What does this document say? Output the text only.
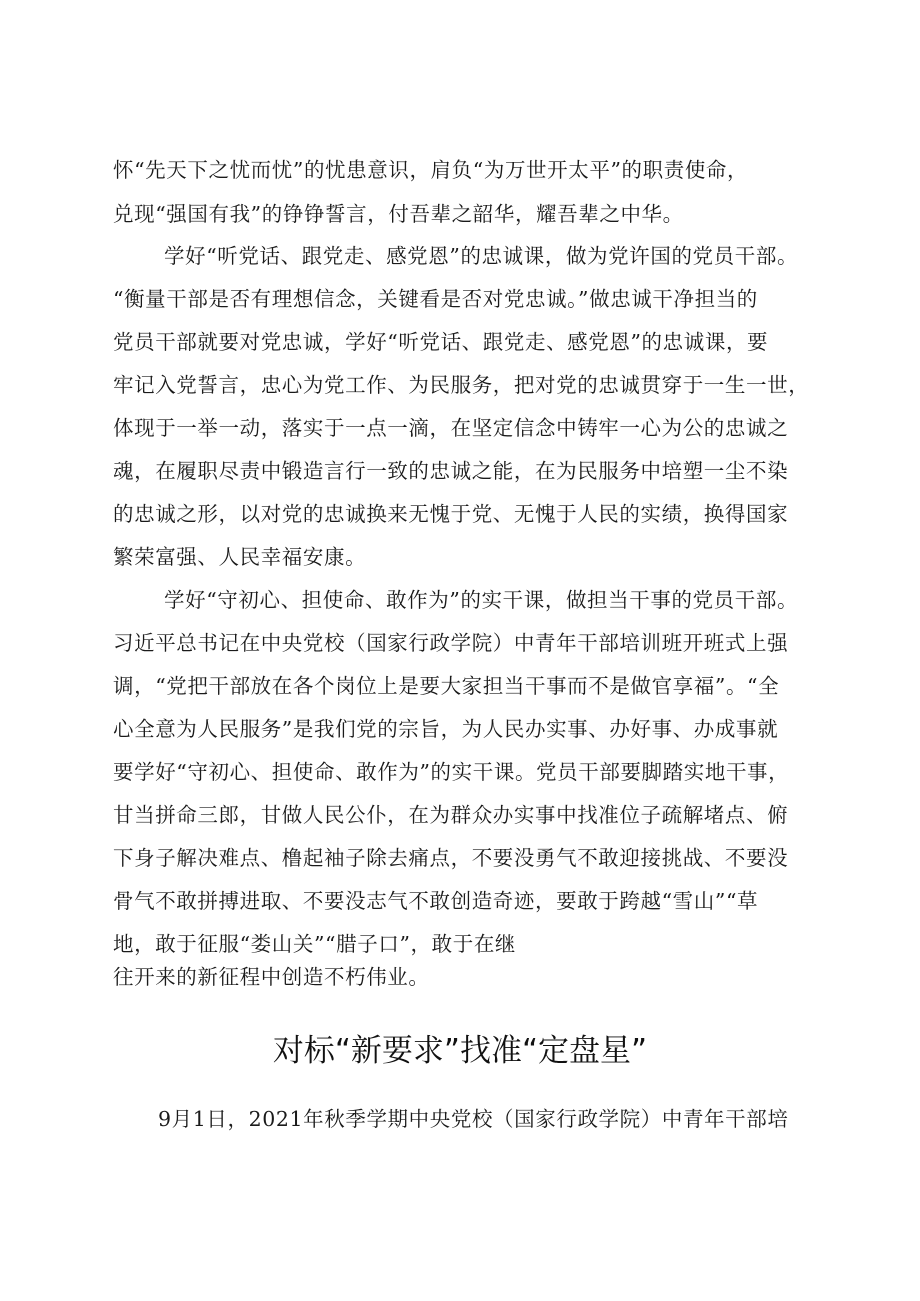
怀“先天下之忧而忧”的忧患意识，肩负“为万世开太平”的职责使命，
兑现“强国有我”的铮铮誓言，付吾辈之韶华，耀吾辈之中华。
学好“听党话、跟党走、感党恩”的忠诚课，做为党许国的党员干部。
“衡量干部是否有理想信念，关键看是否对党忠诚。”做忠诚干净担当的
党员干部就要对党忠诚，学好“听党话、跟党走、感党恩”的忠诚课，要
牢记入党誓言，忠心为党工作、为民服务，把对党的忠诚贯穿于一生一世，
体现于一举一动，落实于一点一滴，在坚定信念中铸牢一心为公的忠诚之
魂，在履职尽责中锻造言行一致的忠诚之能，在为民服务中培塑一尘不染
的忠诚之形，以对党的忠诚换来无愧于党、无愧于人民的实绩，换得国家
繁荣富强、人民幸福安康。
学好“守初心、担使命、敢作为”的实干课，做担当干事的党员干部。
习近平总书记在中央党校（国家行政学院）中青年干部培训班开班式上强
调，“党把干部放在各个岗位上是要大家担当干事而不是做官享福”。“全
心全意为人民服务”是我们党的宗旨，为人民办实事、办好事、办成事就
要学好“守初心、担使命、敢作为”的实干课。党员干部要脚踏实地干事，
甘当拼命三郎，甘做人民公仆，在为群众办实事中找准位子疏解堵点、俯
下身子解决难点、橹起袖子除去痛点，不要没勇气不敢迎接挑战、不要没
骨气不敢拼搏进取、不要没志气不敢创造奇迹，要敢于跨越“雪山”“草
地，敢于征服“娄山关”“腊子口”，敢于在继
往开来的新征程中创造不朽伟业。
对标“新要求”找准“定盘星”
9月1日，2021年秋季学期中央党校（国家行政学院）中青年干部培
